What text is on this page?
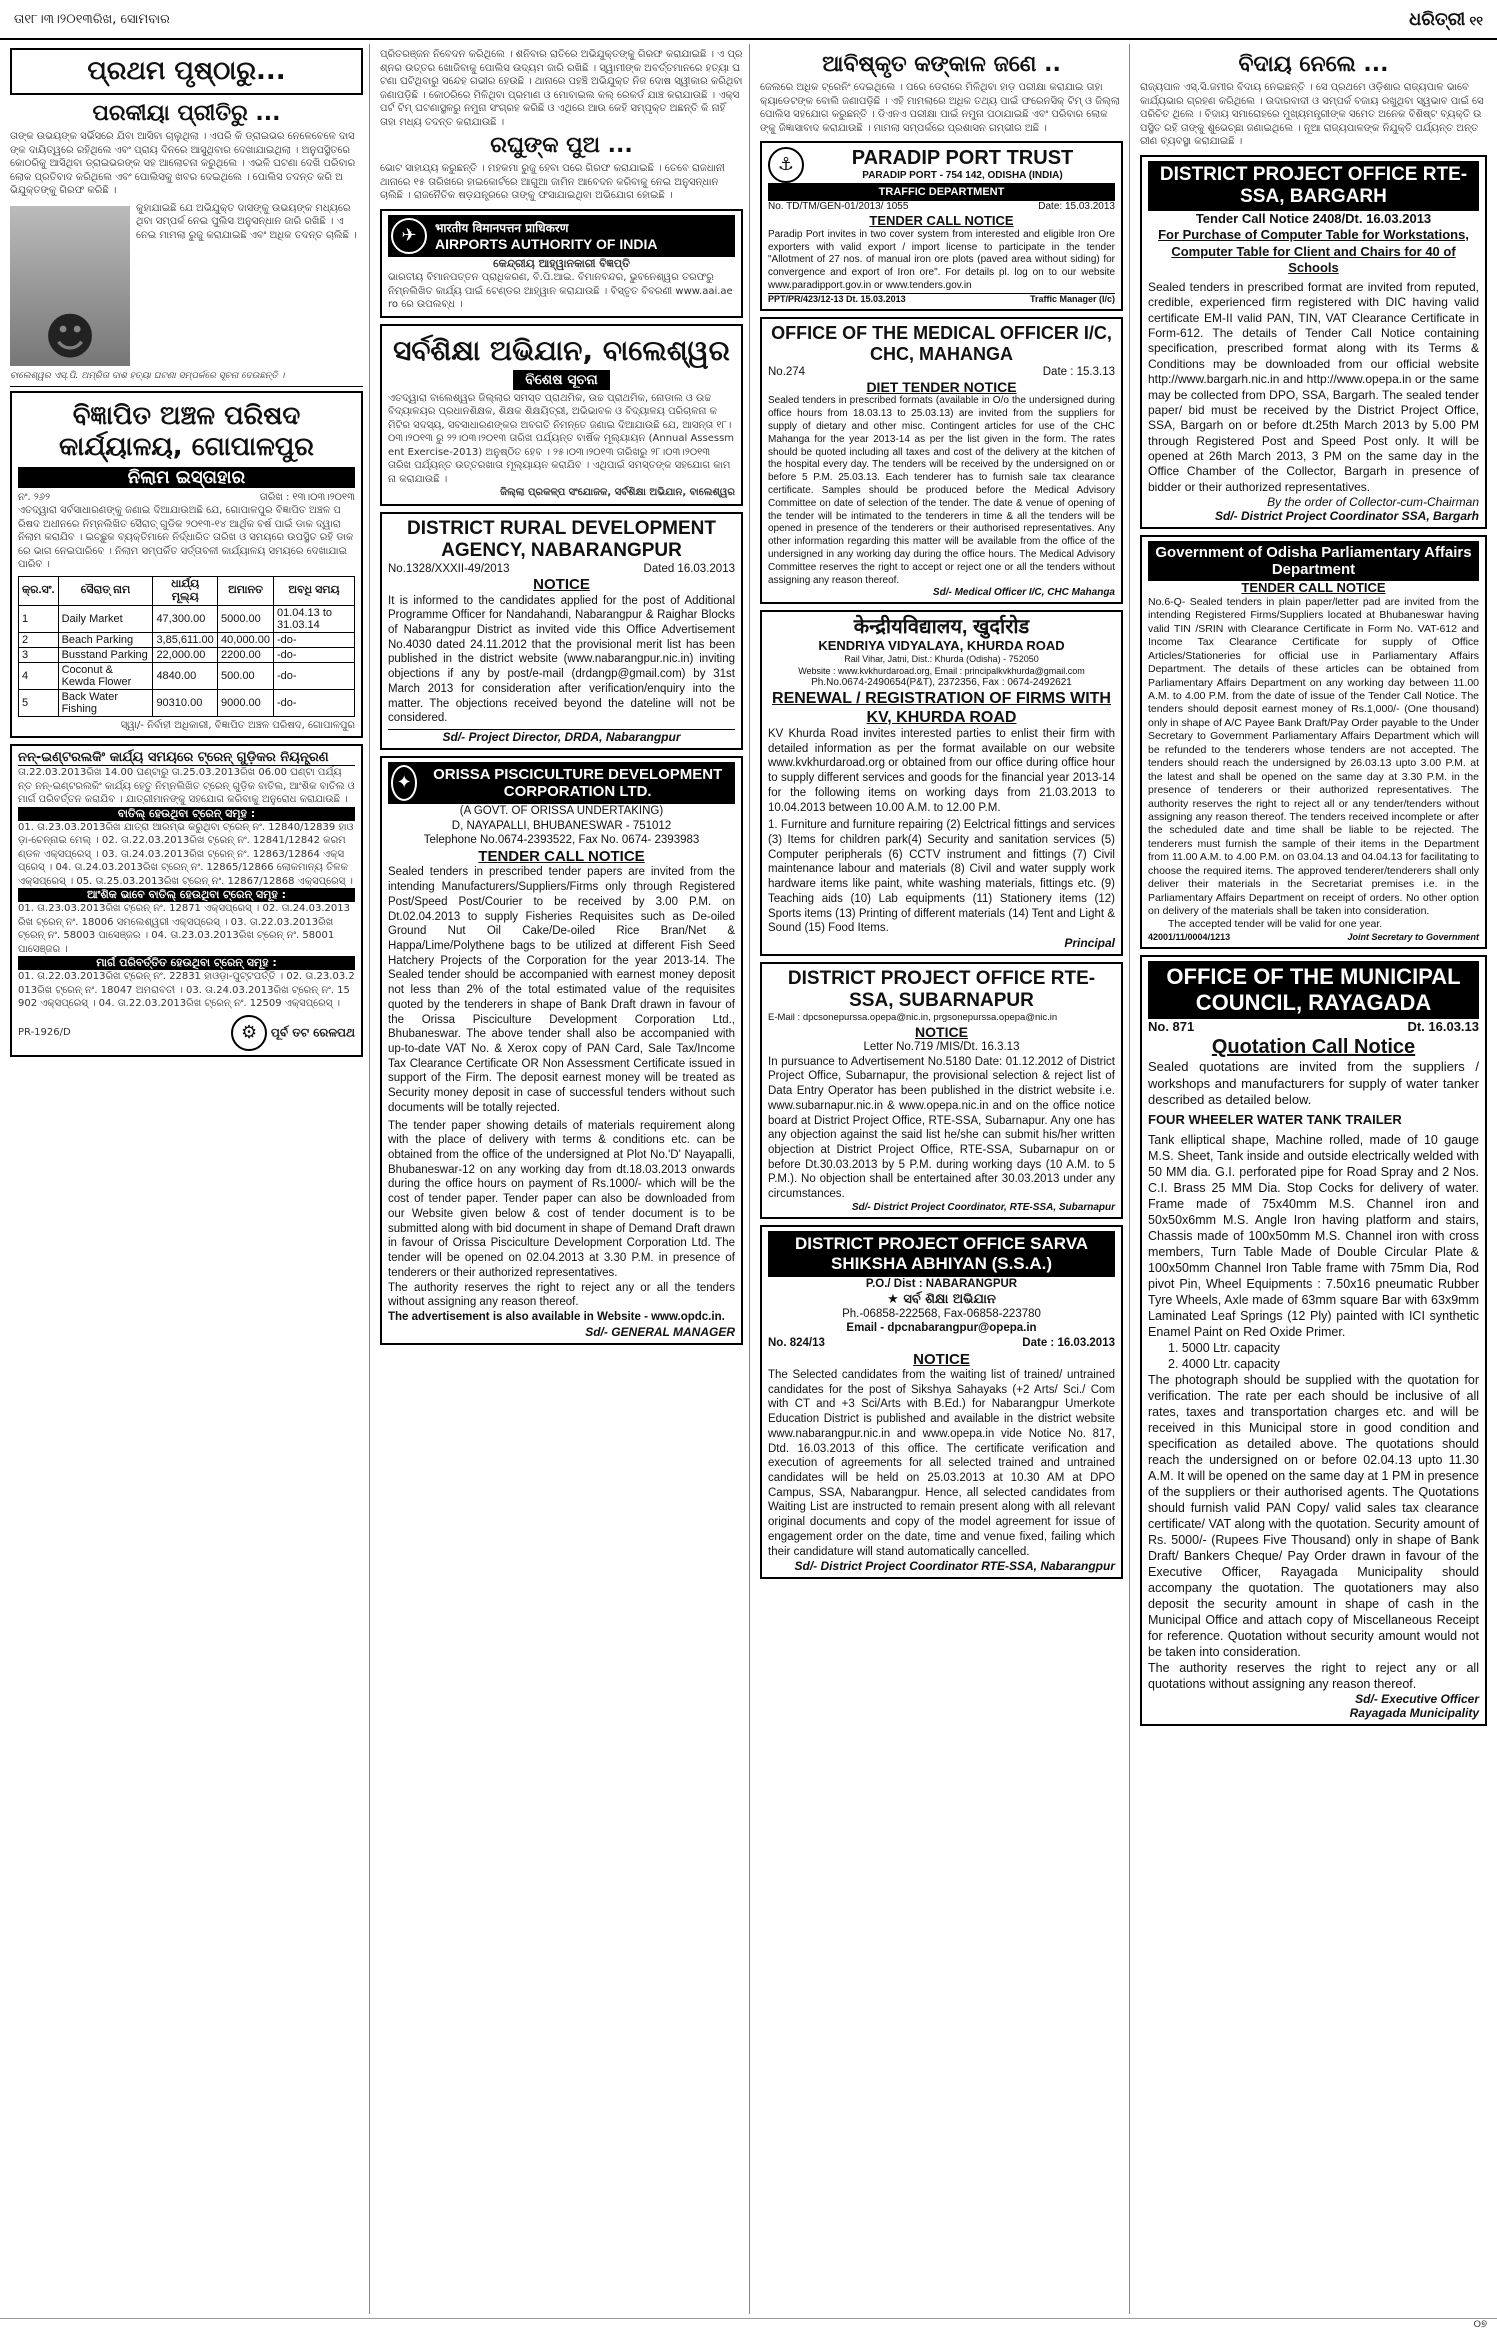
ତା୧୮।୩।୨୦୧୩ରିଖ, ସୋମବାର	ଧରିତ୍ରୀ ୧୧
ପ୍ରଥମ ପୃଷ୍ଠାରୁ...
ପରକୀୟା ପ୍ରୀତିରୁ ...
ତାଙ୍କ ଉଭୟଙ୍କ ସର୍ଭିସରେ ଯିବା ଆସିବା ଚାଲୁଥିଲା । ଏପରି କି ଡ୍ରାଇଭର ନେଳେବେଳେ ଦାସଙ୍କ ଦାୟିତ୍ୱରେ ରହିଥିଲେ ଏବଂ ପ୍ରାୟ ଦିନରେ ଆସୁଥିବାର ଦେଖାଯାଇଥିଲା । ଅନୁପସ୍ଥିତରେ କୋଠରିକୁ ଆସିଥିବା ଡ୍ରାଇଭରଙ୍କ ସହ ଆଲୋଚନା କରୁଥିଲେ । ଏଭଳି ଘଟଣା ଦେଖି ପରିବାର ଲୋକ ପ୍ରତିବାଦ କରିଥିଲେ ଏବଂ ପୋଲିସକୁ ଖବର ଦେଇଥିଲେ । ପୋଲିସ ତଦନ୍ତ କରି ଅଭିଯୁକ୍ତଙ୍କୁ ଗିରଫ କରିଛି ।
☻
କୁହାଯାଇଛି ଯେ ଅଭିଯୁକ୍ତ ଦାସଙ୍କୁ ଉଭୟଙ୍କ ମଧ୍ୟରେ ଥିବା ସମ୍ପର୍କ ନେଇ ପୁଲିସ ଅନୁସନ୍ଧାନ ଜାରି ରଖିଛି । ଏ ନେଇ ମାମଲା ରୁଜୁ କରାଯାଇଛି ଏବଂ ଅଧିକ ତଦନ୍ତ ଚାଲିଛି ।
ବାଲେଶ୍ୱର ଏସ୍.ପି. ଅମ୍ରିତା ଦାଶ ହତ୍ୟା ଘଟଣା ସମ୍ପର୍କରେ ସୂଚନା ଦେଉଛନ୍ତି ।
ବିଜ୍ଞାପିତ ଅଞ୍ଚଳ ପରିଷଦ କାର୍ଯ୍ୟାଳୟ, ଗୋପାଳପୁର
ନିଲାମ ଇସ୍ତାହାର
ନଂ. ୨୬୨	ତାରିଖ : ୧୩।୦୩।୨୦୧୩
ଏତଦ୍ୱାରା ସର୍ବସାଧାରଣଙ୍କୁ ଜଣାଇ ଦିଆଯାଉଅଛି ଯେ, ଗୋପାଳପୁର ବିଜ୍ଞାପିତ ଅଞ୍ଚଳ ପରିଷଦ ଅଧୀନରେ ନିମ୍ନଲିଖିତ ସୈରାତ୍ ଗୁଡିକ ୨୦୧୩-୧୪ ଆର୍ଥିକ ବର୍ଷ ପାଇଁ ଡାକ ଦ୍ୱାରା ନିଲାମ କରାଯିବ । ଇଚ୍ଛୁକ ବ୍ୟକ୍ତିମାନେ ନିର୍ଦ୍ଧାରିତ ତାରିଖ ଓ ସମୟରେ ଉପସ୍ଥିତ ରହି ଡାକରେ ଭାଗ ନେଇପାରିବେ । ନିଲାମ ସମ୍ପର୍କିତ ସର୍ତ୍ତାବଳୀ କାର୍ଯ୍ୟାଳୟ ସମୟରେ ଦେଖାଯାଇପାରିବ ।
କ୍ର.ସଂ.	ସୈରାତ୍ ନାମ	ଧାର୍ଯ୍ୟ ମୂଲ୍ୟ	ଅମାନତ	ଅବଧି ସମୟ
1	Daily Market	47,300.00	5000.00	01.04.13 to 31.03.14
2	Beach Parking	3,85,611.00	40,000.00	-do-
3	Busstand Parking	22,000.00	2200.00	-do-
4	Coconut & Kewda Flower	4840.00	500.00	-do-
5	Back Water Fishing	90310.00	9000.00	-do-
ସ୍ୱା/- ନିର୍ବାହୀ ଅଧିକାରୀ, ବିଜ୍ଞାପିତ ଅଞ୍ଚଳ ପରିଷଦ, ଗୋପାଳପୁର
ନନ୍-ଇଣ୍ଟରଲକିଂ କାର୍ଯ୍ୟ ସମୟରେ ଟ୍ରେନ୍ ଗୁଡ଼ିକର ନିୟନ୍ତ୍ରଣ
ତା.22.03.2013ରିଖ 14.00 ଘଣ୍ଟାରୁ ତା.25.03.2013ରିଖ 06.00 ଘଣ୍ଟା ପର୍ଯ୍ୟନ୍ତ ନନ୍-ଇଣ୍ଟରଲକିଂ କାର୍ଯ୍ୟ ହେତୁ ନିମ୍ନଲିଖିତ ଟ୍ରେନ୍ ଗୁଡ଼ିକ ବାତିଲ, ଆଂଶିକ ବାତିଲ ଓ ମାର୍ଗ ପରିବର୍ତ୍ତନ କରାଯିବ । ଯାତ୍ରୀମାନଙ୍କୁ ସହଯୋଗ କରିବାକୁ ଅନୁରୋଧ କରାଯାଉଛି ।
ବାତିଲ୍ ହେଉଥିବା ଟ୍ରେନ୍ ସମୂହ :
01. ତା.23.03.2013ରିଖ ଯାତ୍ରା ଆରମ୍ଭ କରୁଥିବା ଟ୍ରେନ୍ ନଂ. 12840/12839 ହାଓଡ଼ା-ଚେନ୍ନାଇ ମେଲ୍ । 02. ତା.22.03.2013ରିଖ ଟ୍ରେନ୍ ନଂ. 12841/12842 କରମଣ୍ଡଳ ଏକ୍ସପ୍ରେସ୍ । 03. ତା.24.03.2013ରିଖ ଟ୍ରେନ୍ ନଂ. 12863/12864 ଏକ୍ସପ୍ରେସ୍ । 04. ତା.24.03.2013ରିଖ ଟ୍ରେନ୍ ନଂ. 12865/12866 ଲୋକମାନ୍ୟ ତିଳକ ଏକ୍ସପ୍ରେସ୍ । 05. ତା.25.03.2013ରିଖ ଟ୍ରେନ୍ ନଂ. 12867/12868 ଏକ୍ସପ୍ରେସ୍ ।
ଆଂଶିକ ଭାବେ ବାତିଲ୍ ହେଉଥିବା ଟ୍ରେନ୍ ସମୂହ :
01. ତା.23.03.2013ରିଖ ଟ୍ରେନ୍ ନଂ. 12871 ଏକ୍ସପ୍ରେସ୍ । 02. ତା.24.03.2013ରିଖ ଟ୍ରେନ୍ ନଂ. 18006 ସମଲେଶ୍ୱରୀ ଏକ୍ସପ୍ରେସ୍ । 03. ତା.22.03.2013ରିଖ ଟ୍ରେନ୍ ନଂ. 58003 ପାସେଞ୍ଜର । 04. ତା.23.03.2013ରିଖ ଟ୍ରେନ୍ ନଂ. 58001 ପାସେଞ୍ଜର ।
ମାର୍ଗ ପରିବର୍ତ୍ତିତ ହେଉଥିବା ଟ୍ରେନ୍ ସମୂହ :
01. ତା.22.03.2013ରିଖ ଟ୍ରେନ୍ ନଂ. 22831 ହାଓଡ଼ା-ପୁଟ୍ଟପର୍ତ୍ତି । 02. ତା.23.03.2013ରିଖ ଟ୍ରେନ୍ ନଂ. 18047 ଅମରାବତୀ । 03. ତା.24.03.2013ରିଖ ଟ୍ରେନ୍ ନଂ. 15902 ଏକ୍ସପ୍ରେସ୍ । 04. ତା.22.03.2013ରିଖ ଟ୍ରେନ୍ ନଂ. 12509 ଏକ୍ସପ୍ରେସ୍ ।
PR-1926/D	⚙ ପୂର୍ବ ତଟ ରେଳପଥ
ପ୍ରିତରଞ୍ଜନ ନିବେଦନ କରିଥିଲେ । ଶନିବାର ରାତିରେ ଅଭିଯୁକ୍ତଙ୍କୁ ଗିରଫ କରାଯାଇଛି । ଏ ପ୍ରଶ୍ନର ଉତ୍ତର ଖୋଜିବାକୁ ପୋଲିସ ଉଦ୍ୟମ ଜାରି ରଖିଛି । ସ୍ୱାମୀଙ୍କ ଅବର୍ତ୍ତମାନରେ ହତ୍ୟା ଘଟଣା ଘଟିଥିବାରୁ ସନ୍ଦେହ ଗଭୀର ହେଉଛି । ଥାନାରେ ପହଞ୍ଚି ଅଭିଯୁକ୍ତ ନିଜ ଦୋଷ ସ୍ୱୀକାର କରିଥିବା ଜଣାପଡ଼ିଛି । କୋଠରିରେ ମିଳିଥିବା ପ୍ରମାଣ ଓ ମୋବାଇଲ କଲ୍ ରେକର୍ଡ ଯାଞ୍ଚ କରାଯାଉଛି । ଏକ୍ସପର୍ଟ ଟିମ୍ ଘଟଣାସ୍ଥଳରୁ ନମୁନା ସଂଗ୍ରହ କରିଛି ଓ ଏଥିରେ ଆଉ କେହି ସମ୍ପୃକ୍ତ ଅଛନ୍ତି କି ନାହିଁ ତାହା ମଧ୍ୟ ତଦନ୍ତ କରାଯାଉଛି ।
ରଘୁଙ୍କ ପୁଅ ...
ଭୋଟ ସାହାଯ୍ୟ କରୁଛନ୍ତି । ମହକମା ରୁଜୁ ହେବା ପରେ ଗିରଫ କରାଯାଇଛି । ତେବେ ରାଜଧାନୀ ଥାନାରେ ୧୫ ତାରିଖରେ ହାଇକୋର୍ଟରେ ଆଗୁଆ ଜାମିନ ଆବେଦନ କରିବାକୁ ନେଇ ଅନୁସନ୍ଧାନ ଚାଲିଛି । ରାଜନୈତିକ ଷଡ଼ଯନ୍ତ୍ରରେ ତାଙ୍କୁ ଫସାଯାଇଥିବା ଅଭିଯୋଗ ହୋଇଛି ।
✈	भारतीय विमानपत्तन प्राधिकरण
AIRPORTS AUTHORITY OF INDIA
କେନ୍ଦ୍ରୀୟ ଆହ୍ୱାନକାରୀ ବିଜ୍ଞପ୍ତି
ଭାରତୀୟ ବିମାନପତ୍ତନ ପ୍ରାଧିକରଣ, ବି.ପି.ଆଇ. ବିମାନବନ୍ଦର, ଭୁବନେଶ୍ୱର ତରଫରୁ ନିମ୍ନଲିଖିତ କାର୍ଯ୍ୟ ପାଇଁ ଟେଣ୍ଡର ଆହ୍ୱାନ କରାଯାଉଛି । ବିସ୍ତୃତ ବିବରଣୀ www.aai.aero ରେ ଉପଲବ୍ଧ ।
ସର୍ବଶିକ୍ଷା ଅଭିଯାନ, ବାଲେଶ୍ୱର
ବିଶେଷ ସୂଚନା
ଏତଦ୍ୱାରା ବାଲେଶ୍ୱର ଜିଲ୍ଲାର ସମସ୍ତ ପ୍ରାଥମିକ, ଉଚ୍ଚ ପ୍ରାଥମିକ, ନୋଡାଲ ଓ ଉଚ୍ଚ ବିଦ୍ୟାଳୟର ପ୍ରଧାନଶିକ୍ଷକ, ଶିକ୍ଷକ ଶିକ୍ଷୟିତ୍ରୀ, ଅଭିଭାବକ ଓ ବିଦ୍ୟାଳୟ ପରିଚାଳନା କମିଟିର ସଦସ୍ୟ, ସବସାଧାରଣଙ୍କର ଅବଗତି ନିମନ୍ତେ ଜଣାଇ ଦିଆଯାଉଛି ଯେ, ଆସନ୍ତା ୧୮।୦୩।୨୦୧୩ ରୁ ୨୨।୦୩।୨୦୧୩ ତାରିଖ ପର୍ଯ୍ୟନ୍ତ ବାର୍ଷିକ ମୂଲ୍ୟାୟନ (Annual Assessment Exercise-2013) ଅନୁଷ୍ଠିତ ହେବ । ୨୫।୦୩।୨୦୧୩ ତାରିଖରୁ ୨୮।୦୩।୨୦୧୩ ତାରିଖ ପର୍ଯ୍ୟନ୍ତ ଉତ୍ତରଖାତା ମୂଲ୍ୟାୟନ କରାଯିବ । ଏଥିପାଇଁ ସମସ୍ତଙ୍କ ସହଯୋଗ କାମନା କରାଯାଉଛି ।
ଜିଲ୍ଲା ପ୍ରକଳ୍ପ ସଂଯୋଜକ, ସର୍ବଶିକ୍ଷା ଅଭିଯାନ, ବାଲେଶ୍ୱର
DISTRICT RURAL DEVELOPMENT AGENCY, NABARANGPUR
No.1328/XXXII-49/2013	Dated 16.03.2013
NOTICE
It is informed to the candidates applied for the post of Additional Programme Officer for Nandahandi, Nabarangpur & Raighar Blocks of Nabarangpur District as invited vide this Office Advertisement No.4030 dated 24.11.2012 that the provisional merit list has been published in the district website (www.nabarangpur.nic.in) inviting objections if any by post/e-mail (drdangp@gmail.com) by 31st March 2013 for consideration after verification/enquiry into the matter. The objections received beyond the dateline will not be considered.
Sd/- Project Director, DRDA, Nabarangpur
✦	ORISSA PISCICULTURE DEVELOPMENT CORPORATION LTD.
(A GOVT. OF ORISSA UNDERTAKING)
D, NAYAPALLI, BHUBANESWAR - 751012
Telephone No.0674-2393522, Fax No. 0674- 2393983
TENDER CALL NOTICE
Sealed tenders in prescribed tender papers are invited from the intending Manufacturers/Suppliers/Firms only through Registered Post/Speed Post/Courier to be received by 3.00 P.M. on Dt.02.04.2013 to supply Fisheries Requisites such as De-oiled Ground Nut Oil Cake/De-oiled Rice Bran/Net & Happa/Lime/Polythene bags to be utilized at different Fish Seed Hatchery Projects of the Corporation for the year 2013-14. The Sealed tender should be accompanied with earnest money deposit not less than 2% of the total estimated value of the requisites quoted by the tenderers in shape of Bank Draft drawn in favour of the Orissa Pisciculture Development Corporation Ltd., Bhubaneswar. The above tender shall also be accompanied with up-to-date VAT No. & Xerox copy of PAN Card, Sale Tax/Income Tax Clearance Certificate OR Non Assessment Certificate issued in support of the Firm. The deposit earnest money will be treated as Security money deposit in case of successful tenders without such documents will be totally rejected.
The tender paper showing details of materials requirement along with the place of delivery with terms & conditions etc. can be obtained from the office of the undersigned at Plot No.'D' Nayapalli, Bhubaneswar-12 on any working day from dt.18.03.2013 onwards during the office hours on payment of Rs.1000/- which will be the cost of tender paper. Tender paper can also be downloaded from our Website given below & cost of tender document is to be submitted along with bid document in shape of Demand Draft drawn in favour of Orissa Pisciculture Development Corporation Ltd. The tender will be opened on 02.04.2013 at 3.30 P.M. in presence of tenderers or their authorized representatives.
The authority reserves the right to reject any or all the tenders without assigning any reason thereof.
The advertisement is also available in Website - www.opdc.in.
Sd/- GENERAL MANAGER
ଆବିଷ୍କୃତ କଙ୍କାଳ ଜଣେ ..
ଜେଲରେ ଅଧିକ ଟ୍ରେନିଂ ଦେଇଥିଲେ । ପରେ ଡେରାରେ ମିଳିଥିବା ହାଡ଼ ପରୀକ୍ଷା କରାଯାଇ ତାହା କ୍ୟାଡେଟଙ୍କ ବୋଲି ଜଣାପଡ଼ିଛି । ଏହି ମାମଲାରେ ଅଧିକ ତଥ୍ୟ ପାଇଁ ଫରେନସିକ୍ ଟିମ୍ ଓ ଜିଲ୍ଲା ପୋଲିସ ସହଯୋଗ କରୁଛନ୍ତି । ଡିଏନଏ ପରୀକ୍ଷା ପାଇଁ ନମୁନା ପଠାଯାଇଛି ଏବଂ ପରିବାର ଲୋକଙ୍କୁ ଜିଜ୍ଞାସାବାଦ କରାଯାଉଛି । ମାମଲା ସମ୍ପର୍କରେ ପ୍ରଶାସନ ଗମ୍ଭୀର ଅଛି ।
⚓	PARADIP PORT TRUST
PARADIP PORT - 754 142, ODISHA (INDIA)
TRAFFIC DEPARTMENT
No. TD/TM/GEN-01/2013/ 1055	Date: 15.03.2013
TENDER CALL NOTICE
Paradip Port invites in two cover system from interested and eligible Iron Ore exporters with valid export / import license to participate in the tender "Allotment of 27 nos. of manual iron ore plots (paved area without siding) for convergence and export of Iron ore". For details pl. log on to our website www.paradipport.gov.in or www.tenders.gov.in
PPT/PR/423/12-13 Dt. 15.03.2013	Traffic Manager (I/c)
OFFICE OF THE MEDICAL OFFICER I/C, CHC, MAHANGA
No.274	Date : 15.3.13
DIET TENDER NOTICE
Sealed tenders in prescribed formats (available in O/o the undersigned during office hours from 18.03.13 to 25.03.13) are invited from the suppliers for supply of dietary and other misc. Contingent articles for use of the CHC Mahanga for the year 2013-14 as per the list given in the form. The rates should be quoted including all taxes and cost of the delivery at the kitchen of the hospital every day. The tenders will be received by the undersigned on or before 5 P.M. 25.03.13. Each tenderer has to furnish sale tax clearance certificate. Samples should be produced before the Medical Advisory Committee on date of selection of the tender. The date & venue of opening of the tender will be intimated to the tenderers in time & all the tenders will be opened in presence of the tenderers or their authorised representatives. Any other information regarding this matter will be available from the office of the undersigned in any working day during the office hours. The Medical Advisory Committee reserves the right to accept or reject one or all the tenders without assigning any reason thereof.
Sd/- Medical Officer I/C, CHC Mahanga
केन्द्रीयविद्यालय, खुर्दारोड
KENDRIYA VIDYALAYA, KHURDA ROAD
Rail Vihar, Jatni, Dist.: Khurda (Odisha) - 752050
Website : www.kvkhurdaroad.org, Email : principalkvkhurda@gmail.com
Ph.No.0674-2490654(P&T), 2372356, Fax : 0674-2492621
RENEWAL / REGISTRATION OF FIRMS WITH KV, KHURDA ROAD
KV Khurda Road invites interested parties to enlist their firm with detailed information as per the format available on our website www.kvkhurdaroad.org or obtained from our office during office hour to supply different services and goods for the financial year 2013-14 for the following items on working days from 21.03.2013 to 10.04.2013 between 10.00 A.M. to 12.00 P.M.
1. Furniture and furniture repairing (2) Eelctrical fittings and services (3) Items for children park(4) Security and sanitation services (5) Computer peripherals (6) CCTV instrument and fittings (7) Civil maintenance labour and materials (8) Civil and water supply work hardware items like paint, white washing materials, fittings etc. (9) Teaching aids (10) Lab equipments (11) Stationery items (12) Sports items (13) Printing of different materials (14) Tent and Light & Sound (15) Food Items.
Principal
DISTRICT PROJECT OFFICE RTE-SSA, SUBARNAPUR
E-Mail : dpcsonepurssa.opepa@nic.in, prgsonepurssa.opepa@nic.in
NOTICE
Letter No.719 /MIS/Dt. 16.3.13
In pursuance to Advertisement No.5180 Date: 01.12.2012 of District Project Office, Subarnapur, the provisional selection & reject list of Data Entry Operator has been published in the district website i.e. www.subarnapur.nic.in & www.opepa.nic.in and on the office notice board at District Project Office, RTE-SSA, Subarnapur. Any one has any objection against the said list he/she can submit his/her written objection at District Project Office, RTE-SSA, Subarnapur on or before Dt.30.03.2013 by 5 P.M. during working days (10 A.M. to 5 P.M.). No objection shall be entertained after 30.03.2013 under any circumstances.
Sd/- District Project Coordinator, RTE-SSA, Subarnapur
DISTRICT PROJECT OFFICE SARVA SHIKSHA ABHIYAN (S.S.A.)
P.O./ Dist : NABARANGPUR
★ ସର୍ବ ଶିକ୍ଷା ଅଭିଯାନ
Ph.-06858-222568, Fax-06858-223780
Email - dpcnabarangpur@opepa.in
No. 824/13	Date : 16.03.2013
NOTICE
The Selected candidates from the waiting list of trained/ untrained candidates for the post of Sikshya Sahayaks (+2 Arts/ Sci./ Com with CT and +3 Sci/Arts with B.Ed.) for Nabarangpur Umerkote Education District is published and available in the district website www.nabarangpur.nic.in and www.opepa.in vide Notice No. 817, Dtd. 16.03.2013 of this office. The certificate verification and execution of agreements for all selected trained and untrained candidates will be held on 25.03.2013 at 10.30 AM at DPO Campus, SSA, Nabarangpur. Hence, all selected candidates from Waiting List are instructed to remain present along with all relevant original documents and copy of the model agreement for issue of engagement order on the date, time and venue fixed, failing which their candidature will stand automatically cancelled.
Sd/- District Project Coordinator RTE-SSA, Nabarangpur
ବିଦାୟ ନେଲେ ...
ରାଜ୍ୟପାଳ ଏସ୍.ସି.ଜମୀର ବିଦାୟ ନେଇଛନ୍ତି । ସେ ପ୍ରଥମେ ଓଡ଼ିଶାର ରାଜ୍ୟପାଳ ଭାବେ କାର୍ଯ୍ୟଭାର ଗ୍ରହଣ କରିଥିଲେ । ଉଦାରବାଦୀ ଓ ସମ୍ପର୍କ ବଜାୟ ରଖୁଥିବା ସ୍ୱଭାବ ପାଇଁ ସେ ପରିଚିତ ଥିଲେ । ବିଦାୟ ସମାରୋହରେ ମୁଖ୍ୟମନ୍ତ୍ରୀଙ୍କ ସମେତ ଅନେକ ବିଶିଷ୍ଟ ବ୍ୟକ୍ତି ଉପସ୍ଥିତ ରହି ତାଙ୍କୁ ଶୁଭେଚ୍ଛା ଜଣାଇଥିଲେ । ନୂଆ ରାଜ୍ୟପାଳଙ୍କ ନିଯୁକ୍ତି ପର୍ଯ୍ୟନ୍ତ ଅନ୍ତରୀଣ ବ୍ୟବସ୍ଥା କରାଯାଇଛି ।
DISTRICT PROJECT OFFICE RTE-SSA, BARGARH
Tender Call Notice 2408/Dt. 16.03.2013
For Purchase of Computer Table for Workstations, Computer Table for Client and Chairs for 40 of Schools
Sealed tenders in prescribed format are invited from reputed, credible, experienced firm registered with DIC having valid certificate EM-II valid PAN, TIN, VAT Clearance Certificate in Form-612. The details of Tender Call Notice containing specification, prescribed format along with its Terms & Conditions may be downloaded from our official website http://www.bargarh.nic.in and http://www.opepa.in or the same may be collected from DPO, SSA, Bargarh. The sealed tender paper/ bid must be received by the District Project Office, SSA, Bargarh on or before dt.25th March 2013 by 5.00 PM through Registered Post and Speed Post only. It will be opened at 26th March 2013, 3 PM on the same day in the Office Chamber of the Collector, Bargarh in presence of bidder or their authorized representatives.
By the order of Collector-cum-Chairman
Sd/- District Project Coordinator SSA, Bargarh
Government of Odisha Parliamentary Affairs Department
TENDER CALL NOTICE
No.6-Q- Sealed tenders in plain paper/letter pad are invited from the intending Registered Firms/Suppliers located at Bhubaneswar having valid TIN /SRIN with Clearance Certificate in Form No. VAT-612 and Income Tax Clearance Certificate for supply of Office Articles/Stationeries for official use in Parliamentary Affairs Department. The details of these articles can be obtained from Parliamentary Affairs Department on any working day between 11.00 A.M. to 4.00 P.M. from the date of issue of the Tender Call Notice. The tenders should deposit earnest money of Rs.1,000/- (One thousand) only in shape of A/C Payee Bank Draft/Pay Order payable to the Under Secretary to Government Parliamentary Affairs Department which will be refunded to the tenderers whose tenders are not accepted. The tenders should reach the undersigned by 26.03.13 upto 3.00 P.M. at the latest and shall be opened on the same day at 3.30 P.M. in the presence of tenderers or their authorized representatives. The authority reserves the right to reject all or any tender/tenders without assigning any reason thereof. The tenders received incomplete or after the scheduled date and time shall be liable to be rejected. The tenderers must furnish the sample of their items in the Department from 11.00 A.M. to 4.00 P.M. on 03.04.13 and 04.04.13 for facilitating to choose the required items. The approved tenderer/tenderers shall only deliver their materials in the Secretariat premises i.e. in the Parliamentary Affairs Department on receipt of orders. No other option on delivery of the materials shall be taken into consideration.
The accepted tender will be valid for one year.
42001/11/0004/1213	Joint Secretary to Government
OFFICE OF THE MUNICIPAL COUNCIL, RAYAGADA
No. 871	Dt. 16.03.13
Quotation Call Notice
Sealed quotations are invited from the suppliers / workshops and manufacturers for supply of water tanker described as detailed below.
FOUR WHEELER WATER TANK TRAILER
Tank elliptical shape, Machine rolled, made of 10 gauge M.S. Sheet, Tank inside and outside electrically welded with 50 MM dia. G.I. perforated pipe for Road Spray and 2 Nos. C.I. Brass 25 MM Dia. Stop Cocks for delivery of water. Frame made of 75x40mm M.S. Channel iron and 50x50x6mm M.S. Angle Iron having platform and stairs, Chassis made of 100x50mm M.S. Channel iron with cross members, Turn Table Made of Double Circular Plate & 100x50mm Channel Iron Table frame with 75mm Dia, Rod pivot Pin, Wheel Equipments : 7.50x16 pneumatic Rubber Tyre Wheels, Axle made of 63mm square Bar with 63x9mm Laminated Leaf Springs (12 Ply) painted with ICI synthetic Enamel Paint on Red Oxide Primer.
1. 5000 Ltr. capacity
2. 4000 Ltr. capacity
The photograph should be supplied with the quotation for verification. The rate per each should be inclusive of all rates, taxes and transportation charges etc. and will be received in this Municipal store in good condition and specification as detailed above. The quotations should reach the undersigned on or before 02.04.13 upto 11.30 A.M. It will be opened on the same day at 1 PM in presence of the suppliers or their authorised agents. The Quotations should furnish valid PAN Copy/ valid sales tax clearance certificate/ VAT along with the quotation. Security amount of Rs. 5000/- (Rupees Five Thousand) only in shape of Bank Draft/ Bankers Cheque/ Pay Order drawn in favour of the Executive Officer, Rayagada Municipality should accompany the quotation. The quotationers may also deposit the security amount in shape of cash in the Municipal Office and attach copy of Miscellaneous Receipt for reference. Quotation without security amount would not be taken into consideration.
The authority reserves the right to reject any or all quotations without assigning any reason thereof.
Sd/- Executive Officer
Rayagada Municipality
୦୭
